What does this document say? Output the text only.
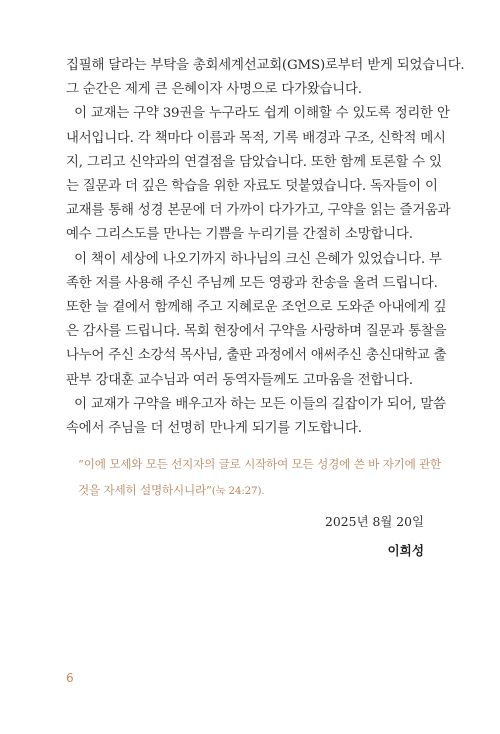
집필해 달라는 부탁을 총회세계선교회(GMS)로부터 받게 되었습니다.
그 순간은 제게 큰 은혜이자 사명으로 다가왔습니다.
이 교재는 구약 39권을 누구라도 쉽게 이해할 수 있도록 정리한 안
내서입니다. 각 책마다 이름과 목적, 기록 배경과 구조, 신학적 메시
지, 그리고 신약과의 연결점을 담았습니다. 또한 함께 토론할 수 있
는 질문과 더 깊은 학습을 위한 자료도 덧붙였습니다. 독자들이 이
교재를 통해 성경 본문에 더 가까이 다가가고, 구약을 읽는 즐거움과
예수 그리스도를 만나는 기쁨을 누리기를 간절히 소망합니다.
이 책이 세상에 나오기까지 하나님의 크신 은혜가 있었습니다. 부
족한 저를 사용해 주신 주님께 모든 영광과 찬송을 올려 드립니다.
또한 늘 곁에서 함께해 주고 지혜로운 조언으로 도와준 아내에게 깊
은 감사를 드립니다. 목회 현장에서 구약을 사랑하며 질문과 통찰을
나누어 주신 소강석 목사님, 출판 과정에서 애써주신 총신대학교 출
판부 강대훈 교수님과 여러 동역자들께도 고마움을 전합니다.
이 교재가 구약을 배우고자 하는 모든 이들의 길잡이가 되어, 말씀
속에서 주님을 더 선명히 만나게 되기를 기도합니다.
“이에 모세와 모든 선지자의 글로 시작하여 모든 성경에 쓴 바 자기에 관한
것을 자세히 설명하시니라”(눅 24:27).
2025년 8월 20일
이희성
6
